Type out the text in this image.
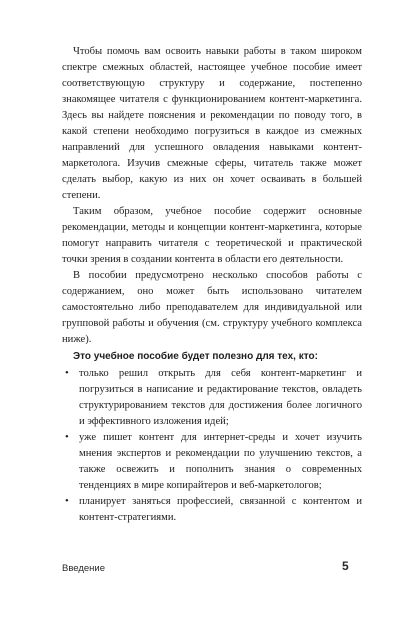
Чтобы помочь вам освоить навыки работы в таком широком спектре смежных областей, настоящее учебное пособие имеет соответствующую структуру и содержание, постепенно знакомящее читателя с функционированием контент-маркетинга. Здесь вы найдете пояснения и рекомендации по поводу того, в какой степени необходимо погрузиться в каждое из смежных направлений для успешного овладения навыками контент-маркетолога. Изучив смежные сферы, читатель также может сделать выбор, какую из них он хочет осваивать в большей степени.

Таким образом, учебное пособие содержит основные рекомендации, методы и концепции контент-маркетинга, которые помогут направить читателя с теоретической и практической точки зрения в создании контента в области его деятельности.

В пособии предусмотрено несколько способов работы с содержанием, оно может быть использовано читателем самостоятельно либо преподавателем для индивидуальной или групповой работы и обучения (см. структуру учебного комплекса ниже).

Это учебное пособие будет полезно для тех, кто:

• только решил открыть для себя контент-маркетинг и погрузиться в написание и редактирование текстов, овладеть структурированием текстов для достижения более логичного и эффективного изложения идей;
• уже пишет контент для интернет-среды и хочет изучить мнения экспертов и рекомендации по улучшению текстов, а также освежить и пополнить знания о современных тенденциях в мире копирайтеров и веб-маркетологов;
• планирует заняться профессией, связанной с контентом и контент-стратегиями.
Введение	5
